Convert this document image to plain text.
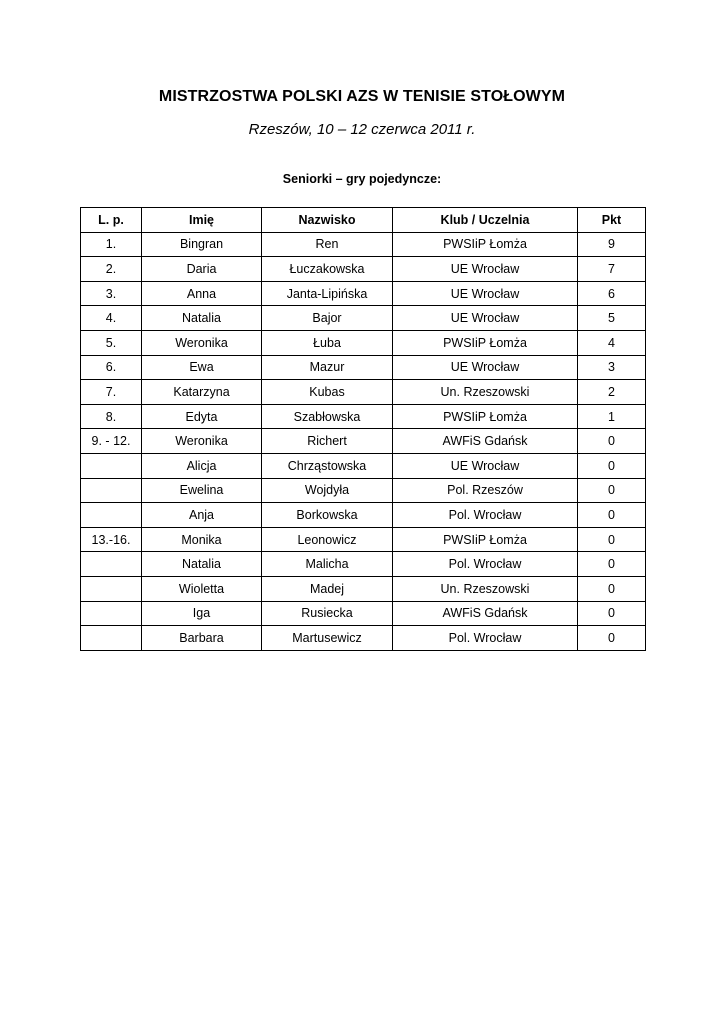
MISTRZOSTWA POLSKI AZS W TENISIE STOŁOWYM
Rzeszów, 10 – 12 czerwca 2011 r.
Seniorki – gry pojedyncze:
L. p.	Imię	Nazwisko	Klub / Uczelnia	Pkt
1.	Bingran	Ren	PWSIiP Łomża	9
2.	Daria	Łuczakowska	UE Wrocław	7
3.	Anna	Janta-Lipińska	UE Wrocław	6
4.	Natalia	Bajor	UE Wrocław	5
5.	Weronika	Łuba	PWSIiP Łomża	4
6.	Ewa	Mazur	UE Wrocław	3
7.	Katarzyna	Kubas	Un. Rzeszowski	2
8.	Edyta	Szabłowska	PWSIiP Łomża	1
9. - 12.	Weronika	Richert	AWFiS Gdańsk	0
	Alicja	Chrząstowska	UE Wrocław	0
	Ewelina	Wojdyła	Pol. Rzeszów	0
	Anja	Borkowska	Pol. Wrocław	0
13.-16.	Monika	Leonowicz	PWSIiP Łomża	0
	Natalia	Malicha	Pol. Wrocław	0
	Wioletta	Madej	Un. Rzeszowski	0
	Iga	Rusiecka	AWFiS Gdańsk	0
	Barbara	Martusewicz	Pol. Wrocław	0
